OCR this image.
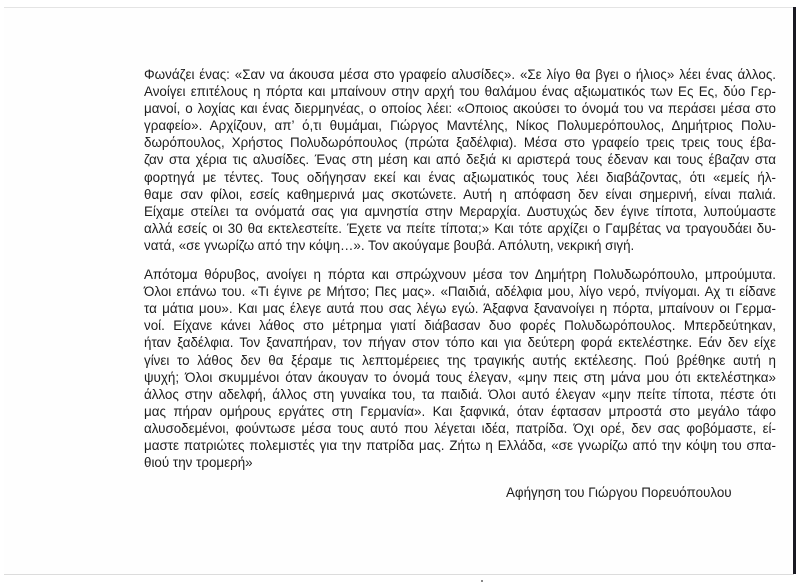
Φωνάζει ένας: «Σαν να άκουσα μέσα στο γραφείο αλυσίδες». «Σε λίγο θα βγει ο ήλιος» λέει ένας άλλος.
Ανοίγει επιτέλους η πόρτα και μπαίνουν στην αρχή του θαλάμου ένας αξιωματικός των Ες Ες, δύο Γερ-
μανοί, ο λοχίας και ένας διερμηνέας, ο οποίος λέει: «Οποιος ακούσει το όνομά του να περάσει μέσα στο
γραφείο». Αρχίζουν, απ’ ό,τι θυμάμαι, Γιώργος Μαντέλης, Νίκος Πολυμερόπουλος, Δημήτριος Πολυ-
δωρόπουλος, Χρήστος Πολυδωρόπουλος (πρώτα ξαδέλφια). Μέσα στο γραφείο τρεις τρεις τους έβα-
ζαν στα χέρια τις αλυσίδες. Ένας στη μέση και από δεξιά κι αριστερά τους έδεναν και τους έβαζαν στα
φορτηγά με τέντες. Τους οδήγησαν εκεί και ένας αξιωματικός τους λέει διαβάζοντας, ότι «εμείς ήλ-
θαμε σαν φίλοι, εσείς καθημερινά μας σκοτώνετε. Αυτή η απόφαση δεν είναι σημερινή, είναι παλιά.
Είχαμε στείλει τα ονόματά σας για αμνηστία στην Μεραρχία. Δυστυχώς δεν έγινε τίποτα, λυπούμαστε
αλλά εσείς οι 30 θα εκτελεστείτε. Έχετε να πείτε τίποτα;» Και τότε αρχίζει ο Γαμβέτας να τραγουδάει δυ-
νατά, «σε γνωρίζω από την κόψη…». Τον ακούγαμε βουβά. Απόλυτη, νεκρική σιγή.

Απότομα θόρυβος, ανοίγει η πόρτα και σπρώχνουν μέσα τον Δημήτρη Πολυδωρόπουλο, μπρούμυτα.
Όλοι επάνω του. «Τι έγινε ρε Μήτσο; Πες μας». «Παιδιά, αδέλφια μου, λίγο νερό, πνίγομαι. Αχ τι είδανε
τα μάτια μου». Και μας έλεγε αυτά που σας λέγω εγώ. Άξαφνα ξανανοίγει η πόρτα, μπαίνουν οι Γερμα-
νοί. Είχανε κάνει λάθος στο μέτρημα γιατί διάβασαν δυο φορές Πολυδωρόπουλος. Μπερδεύτηκαν,
ήταν ξαδέλφια. Τον ξαναπήραν, τον πήγαν στον τόπο και για δεύτερη φορά εκτελέστηκε. Εάν δεν είχε
γίνει το λάθος δεν θα ξέραμε τις λεπτομέρειες της τραγικής αυτής εκτέλεσης. Πού βρέθηκε αυτή η
ψυχή; Όλοι σκυμμένοι όταν άκουγαν το όνομά τους έλεγαν, «μην πεις στη μάνα μου ότι εκτελέστηκα»
άλλος στην αδελφή, άλλος στη γυναίκα του, τα παιδιά. Όλοι αυτό έλεγαν «μην πείτε τίποτα, πέστε ότι
μας πήραν ομήρους εργάτες στη Γερμανία». Και ξαφνικά, όταν έφτασαν μπροστά στο μεγάλο τάφο
αλυσοδεμένοι, φούντωσε μέσα τους αυτό που λέγεται ιδέα, πατρίδα. Όχι ορέ, δεν σας φοβόμαστε, εί-
μαστε πατριώτες πολεμιστές για την πατρίδα μας. Ζήτω η Ελλάδα, «σε γνωρίζω από την κόψη του σπα-
θιού την τρομερή»

Αφήγηση του Γιώργου Πορευόπουλου
